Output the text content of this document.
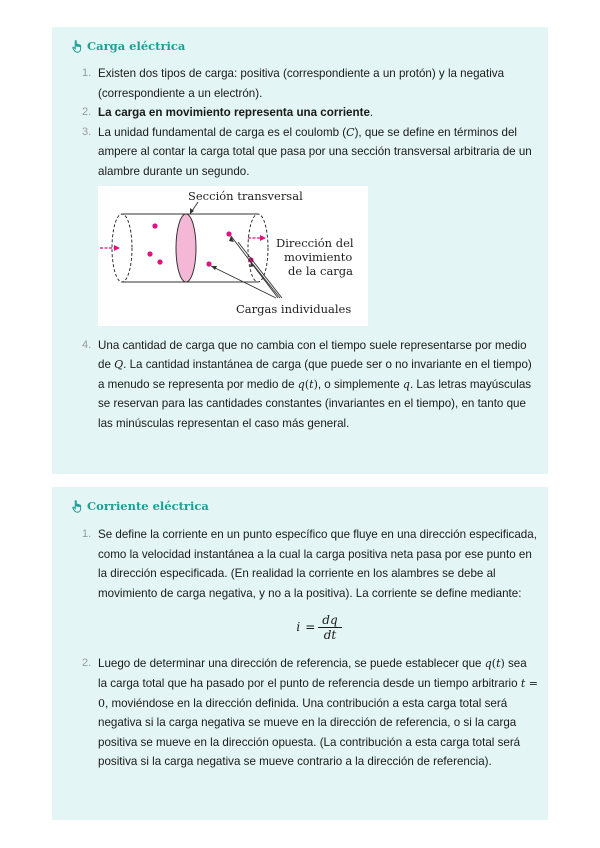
Carga eléctrica
1. Existen dos tipos de carga: positiva (correspondiente a un protón) y la negativa (correspondiente a un electrón).
2. La carga en movimiento representa una corriente.
3. La unidad fundamental de carga es el coulomb (C), que se define en términos del ampere al contar la carga total que pasa por una sección transversal arbitraria de un alambre durante un segundo.
Sección transversal
Dirección del
movimiento
de la carga
Cargas individuales
4. Una cantidad de carga que no cambia con el tiempo suele representarse por medio de Q. La cantidad instantánea de carga (que puede ser o no invariante en el tiempo) a menudo se representa por medio de q(t), o simplemente q. Las letras mayúsculas se reservan para las cantidades constantes (invariantes en el tiempo), en tanto que las minúsculas representan el caso más general.
Corriente eléctrica
1. Se define la corriente en un punto específico que fluye en una dirección especificada, como la velocidad instantánea a la cual la carga positiva neta pasa por ese punto en la dirección especificada. (En realidad la corriente en los alambres se debe al movimiento de carga negativa, y no a la positiva). La corriente se define mediante:
$i = \frac{dq}{dt}$
2. Luego de determinar una dirección de referencia, se puede establecer que q(t) sea la carga total que ha pasado por el punto de referencia desde un tiempo arbitrario t = 0, moviéndose en la dirección definida. Una contribución a esta carga total será negativa si la carga negativa se mueve en la dirección de referencia, o si la carga positiva se mueve en la dirección opuesta. (La contribución a esta carga total será positiva si la carga negativa se mueve contrario a la dirección de referencia).
